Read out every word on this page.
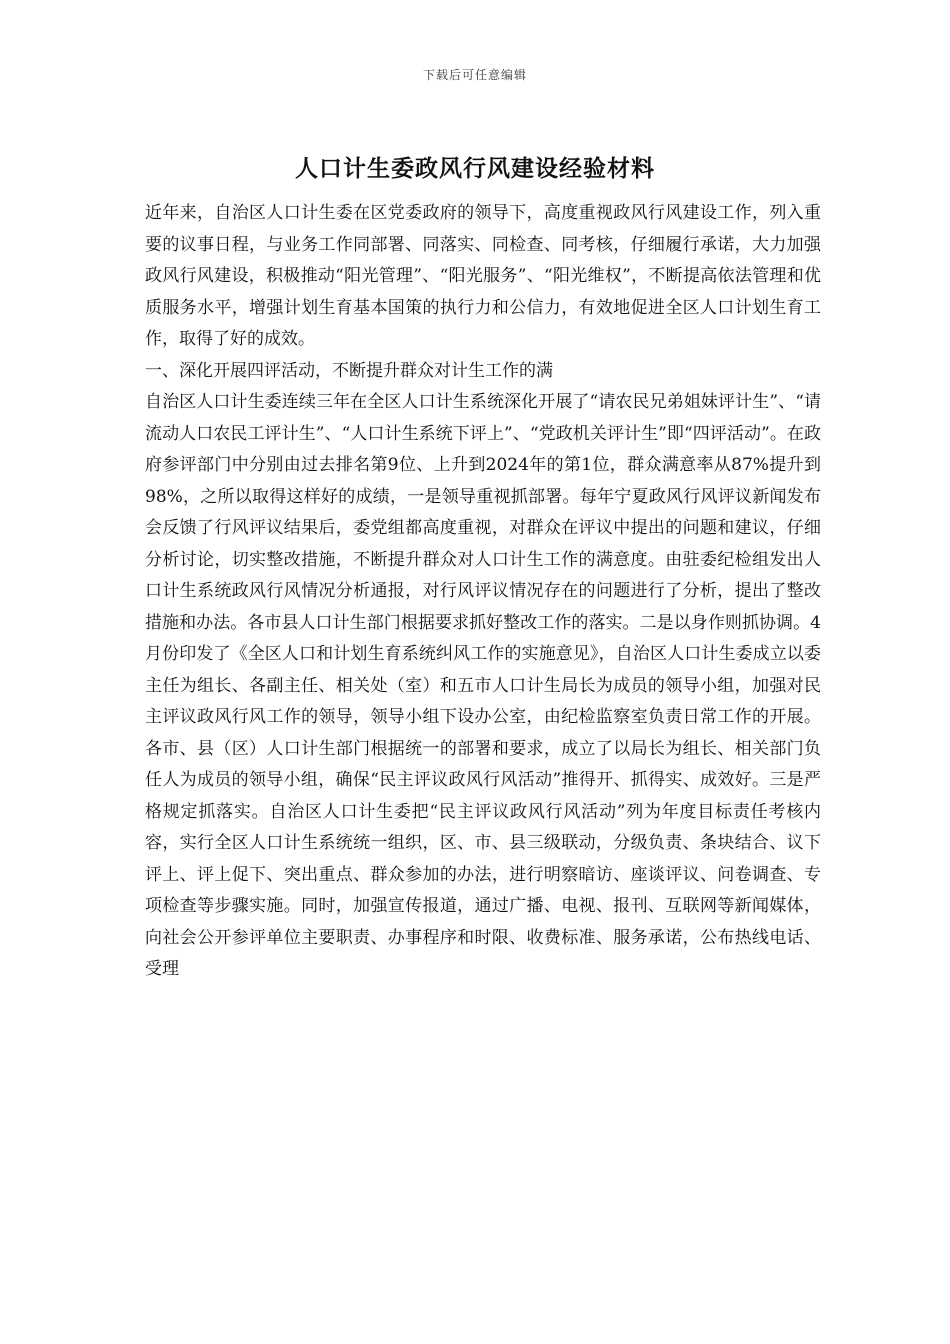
下载后可任意编辑
人口计生委政风行风建设经验材料

近年来，自治区人口计生委在区党委政府的领导下，高度重视政风行风建设工作，列入重要的议事日程，与业务工作同部署、同落实、同检查、同考核，仔细履行承诺，大力加强政风行风建设，积极推动“阳光管理”、“阳光服务”、“阳光维权”，不断提高依法管理和优质服务水平，增强计划生育基本国策的执行力和公信力，有效地促进全区人口计划生育工作，取得了好的成效。

一、深化开展四评活动，不断提升群众对计生工作的满

自治区人口计生委连续三年在全区人口计生系统深化开展了“请农民兄弟姐妹评计生”、“请流动人口农民工评计生”、“人口计生系统下评上”、“党政机关评计生”即“四评活动”。在政府参评部门中分别由过去排名第9位、上升到2024年的第1位，群众满意率从87%提升到98%，之所以取得这样好的成绩，一是领导重视抓部署。每年宁夏政风行风评议新闻发布会反馈了行风评议结果后，委党组都高度重视，对群众在评议中提出的问题和建议，仔细分析讨论，切实整改措施，不断提升群众对人口计生工作的满意度。由驻委纪检组发出人口计生系统政风行风情况分析通报，对行风评议情况存在的问题进行了分析，提出了整改措施和办法。各市县人口计生部门根据要求抓好整改工作的落实。二是以身作则抓协调。4月份印发了《全区人口和计划生育系统纠风工作的实施意见》，自治区人口计生委成立以委主任为组长、各副主任、相关处（室）和五市人口计生局长为成员的领导小组，加强对民主评议政风行风工作的领导，领导小组下设办公室，由纪检监察室负责日常工作的开展。各市、县（区）人口计生部门根据统一的部署和要求，成立了以局长为组长、相关部门负任人为成员的领导小组，确保“民主评议政风行风活动”推得开、抓得实、成效好。三是严格规定抓落实。自治区人口计生委把“民主评议政风行风活动”列为年度目标责任考核内容，实行全区人口计生系统统一组织，区、市、县三级联动，分级负责、条块结合、议下评上、评上促下、突出重点、群众参加的办法，进行明察暗访、座谈评议、问卷调查、专项检查等步骤实施。同时，加强宣传报道，通过广播、电视、报刊、互联网等新闻媒体，向社会公开参评单位主要职责、办事程序和时限、收费标准、服务承诺，公布热线电话、受理
